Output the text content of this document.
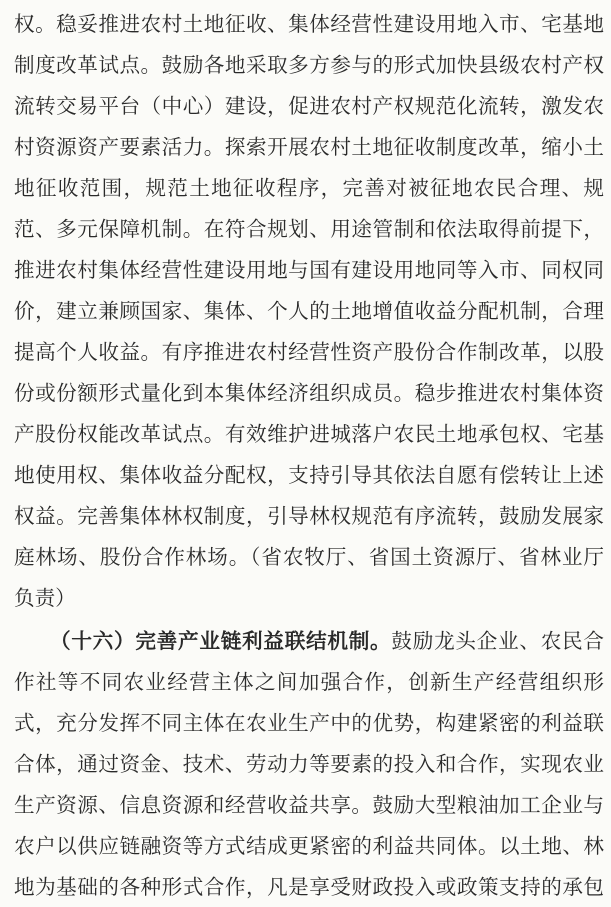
权。稳妥推进农村土地征收、集体经营性建设用地入市、宅基地
制度改革试点。鼓励各地采取多方参与的形式加快县级农村产权
流转交易平台（中心）建设，促进农村产权规范化流转，激发农
村资源资产要素活力。探索开展农村土地征收制度改革，缩小土
地征收范围，规范土地征收程序，完善对被征地农民合理、规
范、多元保障机制。在符合规划、用途管制和依法取得前提下，
推进农村集体经营性建设用地与国有建设用地同等入市、同权同
价，建立兼顾国家、集体、个人的土地增值收益分配机制，合理
提高个人收益。有序推进农村经营性资产股份合作制改革，以股
份或份额形式量化到本集体经济组织成员。稳步推进农村集体资
产股份权能改革试点。有效维护进城落户农民土地承包权、宅基
地使用权、集体收益分配权，支持引导其依法自愿有偿转让上述
权益。完善集体林权制度，引导林权规范有序流转，鼓励发展家
庭林场、股份合作林场。（省农牧厅、省国土资源厅、省林业厅
负责）
（十六）完善产业链利益联结机制。鼓励龙头企业、农民合
作社等不同农业经营主体之间加强合作，创新生产经营组织形
式，充分发挥不同主体在农业生产中的优势，构建紧密的利益联
合体，通过资金、技术、劳动力等要素的投入和合作，实现农业
生产资源、信息资源和经营收益共享。鼓励大型粮油加工企业与
农户以供应链融资等方式结成更紧密的利益共同体。以土地、林
地为基础的各种形式合作，凡是享受财政投入或政策支持的承包
